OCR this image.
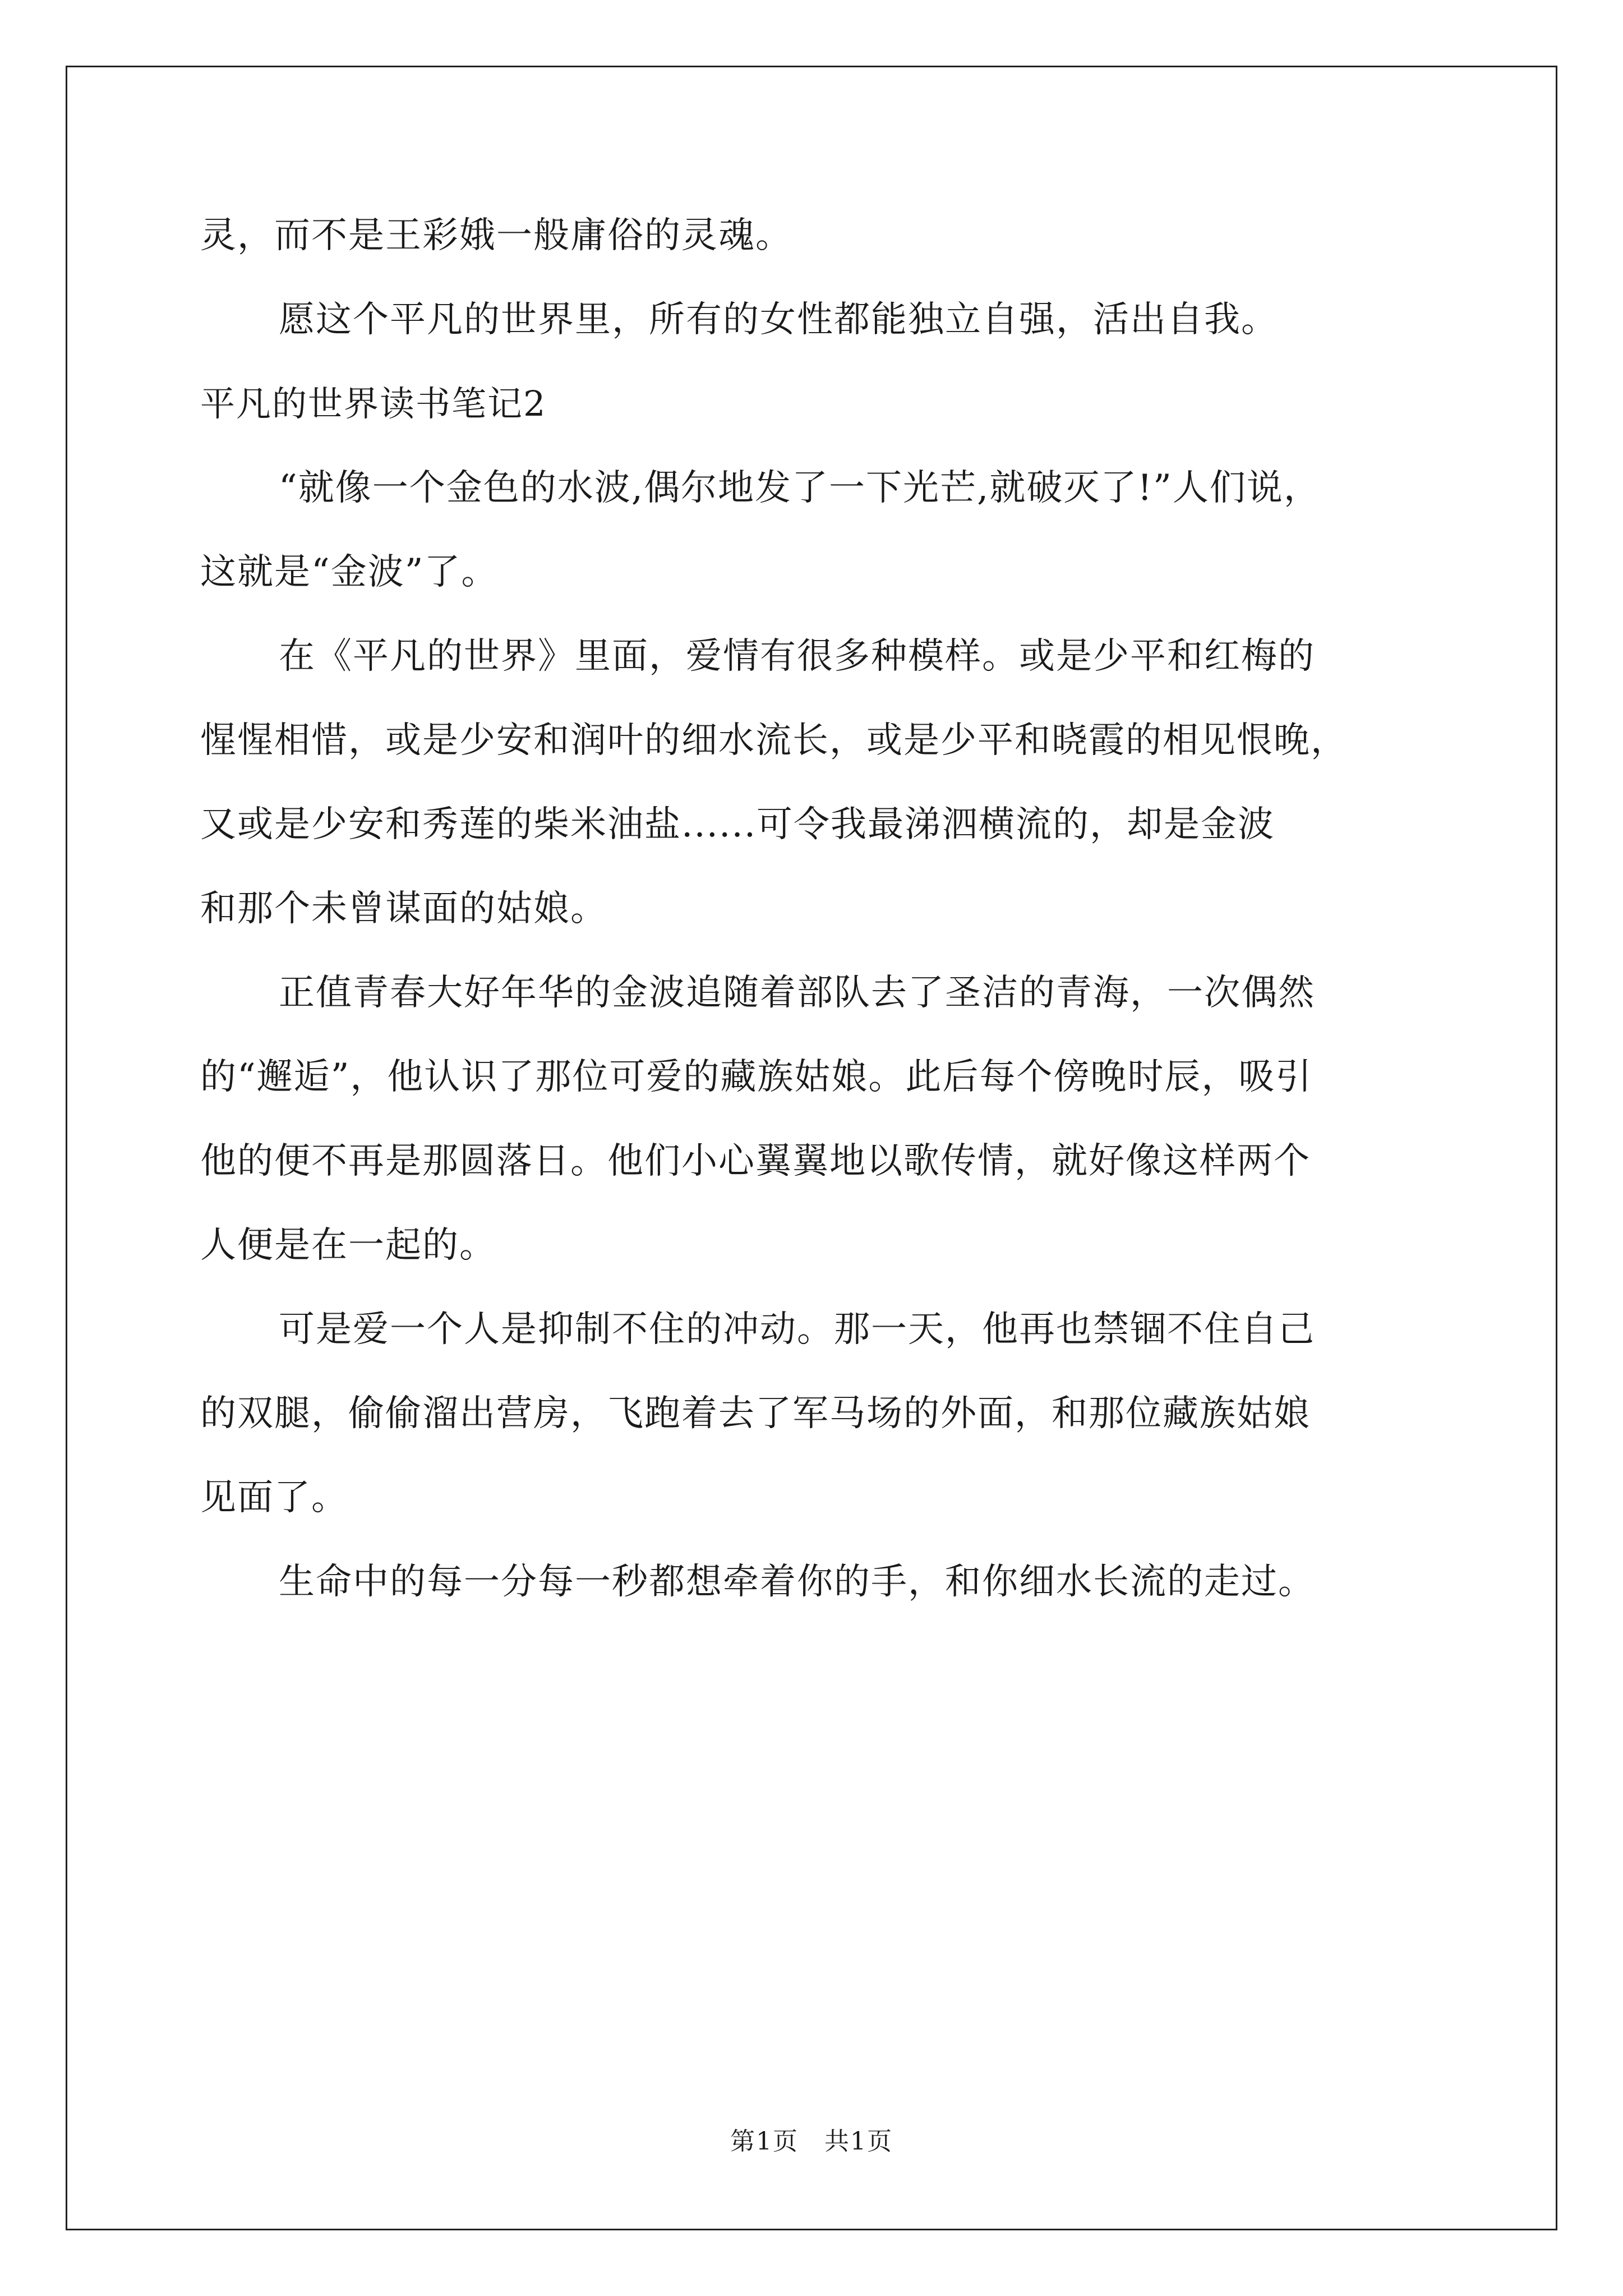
灵，而不是王彩娥一般庸俗的灵魂。
愿这个平凡的世界里，所有的女性都能独立自强，活出自我。
平凡的世界读书笔记2
“就像一个金色的水波,偶尔地发了一下光芒,就破灭了!”人们说，
这就是“金波”了。
在《平凡的世界》里面，爱情有很多种模样。或是少平和红梅的
惺惺相惜，或是少安和润叶的细水流长，或是少平和晓霞的相见恨晚，
又或是少安和秀莲的柴米油盐......可令我最涕泗横流的，却是金波
和那个未曾谋面的姑娘。
正值青春大好年华的金波追随着部队去了圣洁的青海，一次偶然
的“邂逅”，他认识了那位可爱的藏族姑娘。此后每个傍晚时辰，吸引
他的便不再是那圆落日。他们小心翼翼地以歌传情，就好像这样两个
人便是在一起的。
可是爱一个人是抑制不住的冲动。那一天，他再也禁锢不住自己
的双腿，偷偷溜出营房，飞跑着去了军马场的外面，和那位藏族姑娘
见面了。
生命中的每一分每一秒都想牵着你的手，和你细水长流的走过。
第1页　共1页
